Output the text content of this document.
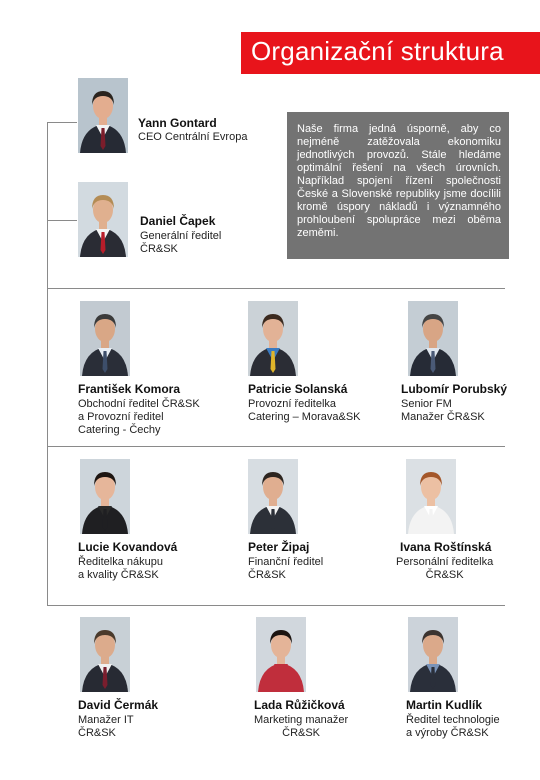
Organizační struktura
Naše firma jedná úsporně, aby co nejméně zatěžovala ekonomiku jednotlivých provozů. Stále hledáme optimální řešení na všech úrovních. Například spojení řízení společnosti České a Slovenské republiky jsme docílili kromě úspory nákladů i významného prohloubení spolupráce mezi oběma zeměmi.
Yann Gontard
CEO Centrální Evropa
Daniel Čapek
Generální ředitel
ČR&SK
František Komora
Obchodní ředitel ČR&SK
a Provozní ředitel
Catering - Čechy
Patricie Solanská
Provozní ředitelka
Catering – Morava&SK
Lubomír Porubský
Senior FM
Manažer ČR&SK
Lucie Kovandová
Ředitelka nákupu
a kvality ČR&SK
Peter Žipaj
Finanční ředitel
ČR&SK
Ivana Roštínská
Personální ředitelka
ČR&SK
David Čermák
Manažer IT
ČR&SK
Lada Růžičková
Marketing manažer
ČR&SK
Martin Kudlík
Ředitel technologie
a výroby ČR&SK
